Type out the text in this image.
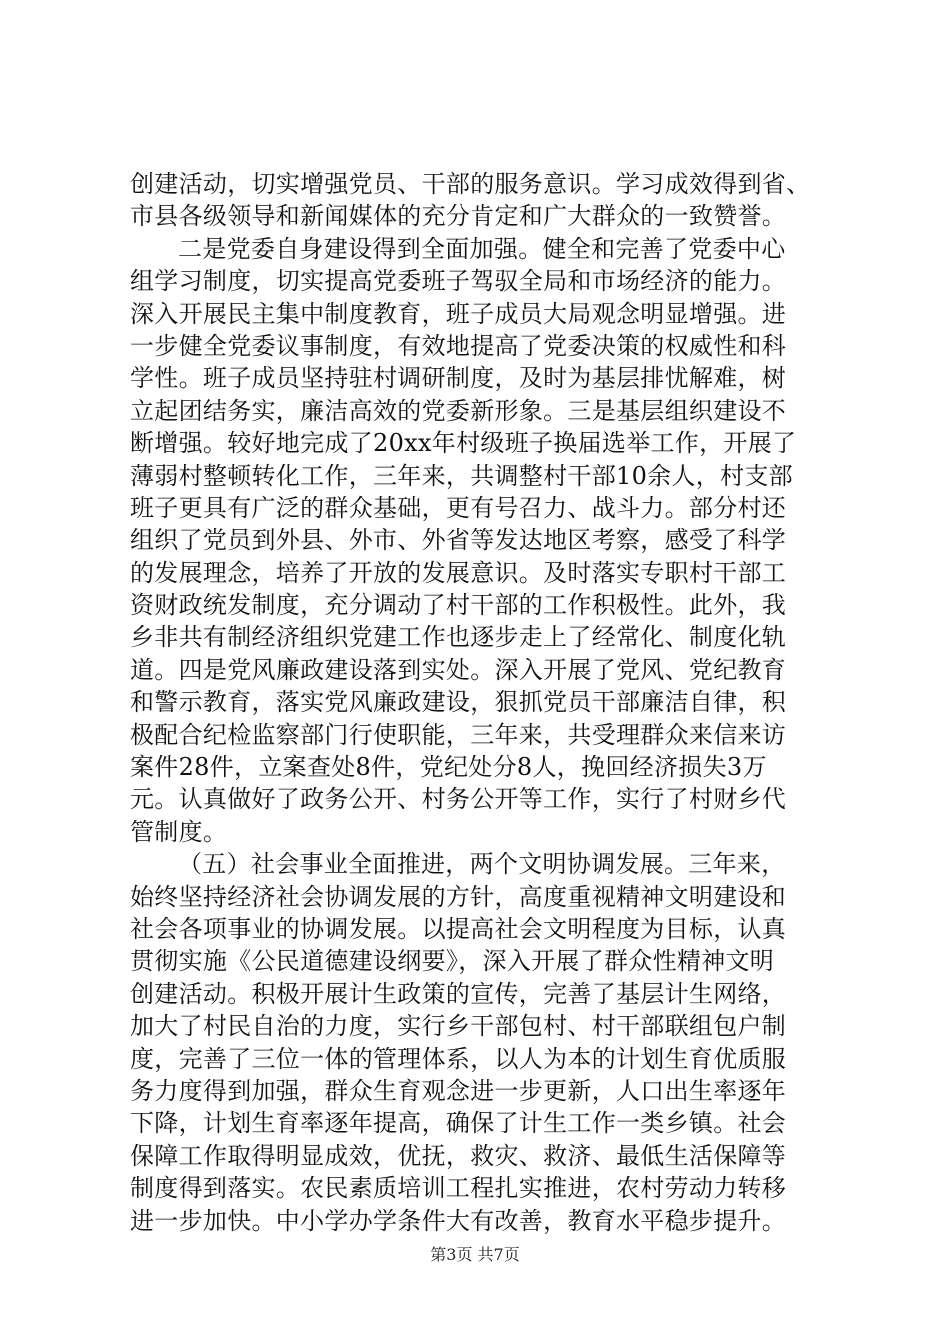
创建活动，切实增强党员、干部的服务意识。学习成效得到省、
市县各级领导和新闻媒体的充分肯定和广大群众的一致赞誉。
二是党委自身建设得到全面加强。健全和完善了党委中心
组学习制度，切实提高党委班子驾驭全局和市场经济的能力。
深入开展民主集中制度教育，班子成员大局观念明显增强。进
一步健全党委议事制度，有效地提高了党委决策的权威性和科
学性。班子成员坚持驻村调研制度，及时为基层排忧解难，树
立起团结务实，廉洁高效的党委新形象。三是基层组织建设不
断增强。较好地完成了20xx年村级班子换届选举工作，开展了
薄弱村整顿转化工作，三年来，共调整村干部10余人，村支部
班子更具有广泛的群众基础，更有号召力、战斗力。部分村还
组织了党员到外县、外市、外省等发达地区考察，感受了科学
的发展理念，培养了开放的发展意识。及时落实专职村干部工
资财政统发制度，充分调动了村干部的工作积极性。此外，我
乡非共有制经济组织党建工作也逐步走上了经常化、制度化轨
道。四是党风廉政建设落到实处。深入开展了党风、党纪教育
和警示教育，落实党风廉政建设，狠抓党员干部廉洁自律，积
极配合纪检监察部门行使职能，三年来，共受理群众来信来访
案件28件，立案查处8件，党纪处分8人，挽回经济损失3万
元。认真做好了政务公开、村务公开等工作，实行了村财乡代
管制度。
（五）社会事业全面推进，两个文明协调发展。三年来，
始终坚持经济社会协调发展的方针，高度重视精神文明建设和
社会各项事业的协调发展。以提高社会文明程度为目标，认真
贯彻实施《公民道德建设纲要》，深入开展了群众性精神文明
创建活动。积极开展计生政策的宣传，完善了基层计生网络，
加大了村民自治的力度，实行乡干部包村、村干部联组包户制
度，完善了三位一体的管理体系，以人为本的计划生育优质服
务力度得到加强，群众生育观念进一步更新，人口出生率逐年
下降，计划生育率逐年提高，确保了计生工作一类乡镇。社会
保障工作取得明显成效，优抚，救灾、救济、最低生活保障等
制度得到落实。农民素质培训工程扎实推进，农村劳动力转移
进一步加快。中小学办学条件大有改善，教育水平稳步提升。
第3页 共7页
